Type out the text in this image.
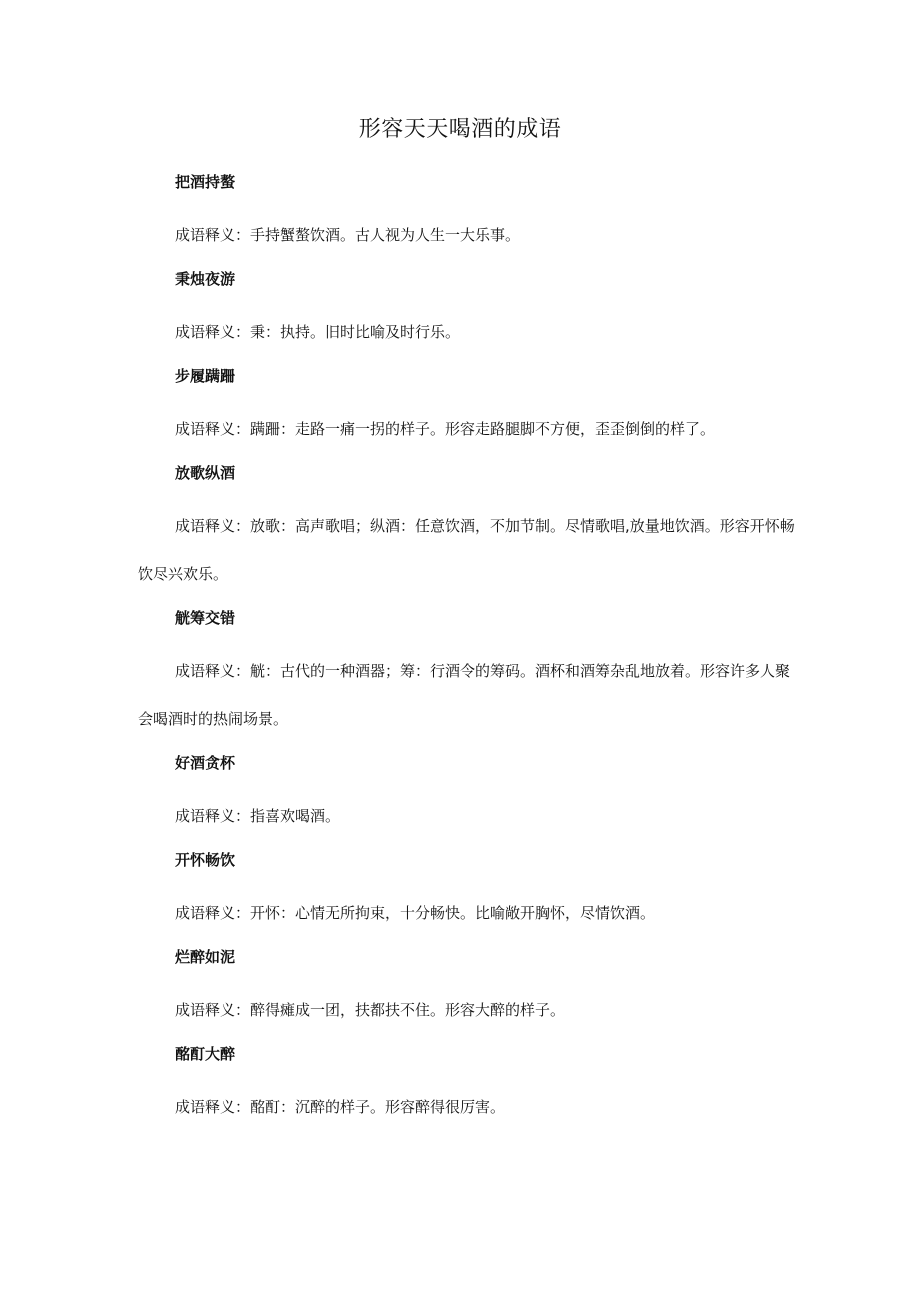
形容天天喝酒的成语
把酒持螯

成语释义：手持蟹螯饮酒。古人视为人生一大乐事。

秉烛夜游

成语释义：秉：执持。旧时比喻及时行乐。

步履蹒跚

成语释义：蹒跚：走路一痛一拐的样子。形容走路腿脚不方便，歪歪倒倒的样了。

放歌纵酒

成语释义：放歌：高声歌唱；纵酒：任意饮酒，不加节制。尽情歌唱,放量地饮酒。形容开怀畅饮尽兴欢乐。

觥筹交错

成语释义：觥：古代的一种酒器；筹：行酒令的筹码。酒杯和酒筹杂乱地放着。形容许多人聚会喝酒时的热闹场景。

好酒贪杯

成语释义：指喜欢喝酒。

开怀畅饮

成语释义：开怀：心情无所拘束，十分畅快。比喻敞开胸怀，尽情饮酒。

烂醉如泥

成语释义：醉得瘫成一团，扶都扶不住。形容大醉的样子。

酩酊大醉

成语释义：酩酊：沉醉的样子。形容醉得很厉害。
